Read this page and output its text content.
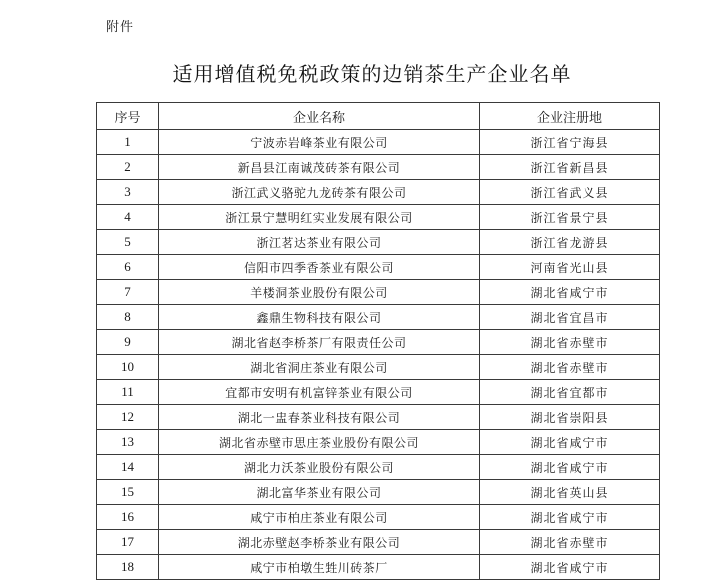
附件
适用增值税免税政策的边销茶生产企业名单
序号	企业名称	企业注册地
1	宁波赤岩峰茶业有限公司	浙江省宁海县
2	新昌县江南诚茂砖茶有限公司	浙江省新昌县
3	浙江武义骆驼九龙砖茶有限公司	浙江省武义县
4	浙江景宁慧明红实业发展有限公司	浙江省景宁县
5	浙江茗达茶业有限公司	浙江省龙游县
6	信阳市四季香茶业有限公司	河南省光山县
7	羊楼洞茶业股份有限公司	湖北省咸宁市
8	鑫鼎生物科技有限公司	湖北省宜昌市
9	湖北省赵李桥茶厂有限责任公司	湖北省赤壁市
10	湖北省洞庄茶业有限公司	湖北省赤壁市
11	宜都市安明有机富锌茶业有限公司	湖北省宜都市
12	湖北一盅春茶业科技有限公司	湖北省崇阳县
13	湖北省赤壁市思庄茶业股份有限公司	湖北省咸宁市
14	湖北力沃茶业股份有限公司	湖北省咸宁市
15	湖北富华茶业有限公司	湖北省英山县
16	咸宁市柏庄茶业有限公司	湖北省咸宁市
17	湖北赤壁赵李桥茶业有限公司	湖北省赤壁市
18	咸宁市柏墩生甡川砖茶厂	湖北省咸宁市
